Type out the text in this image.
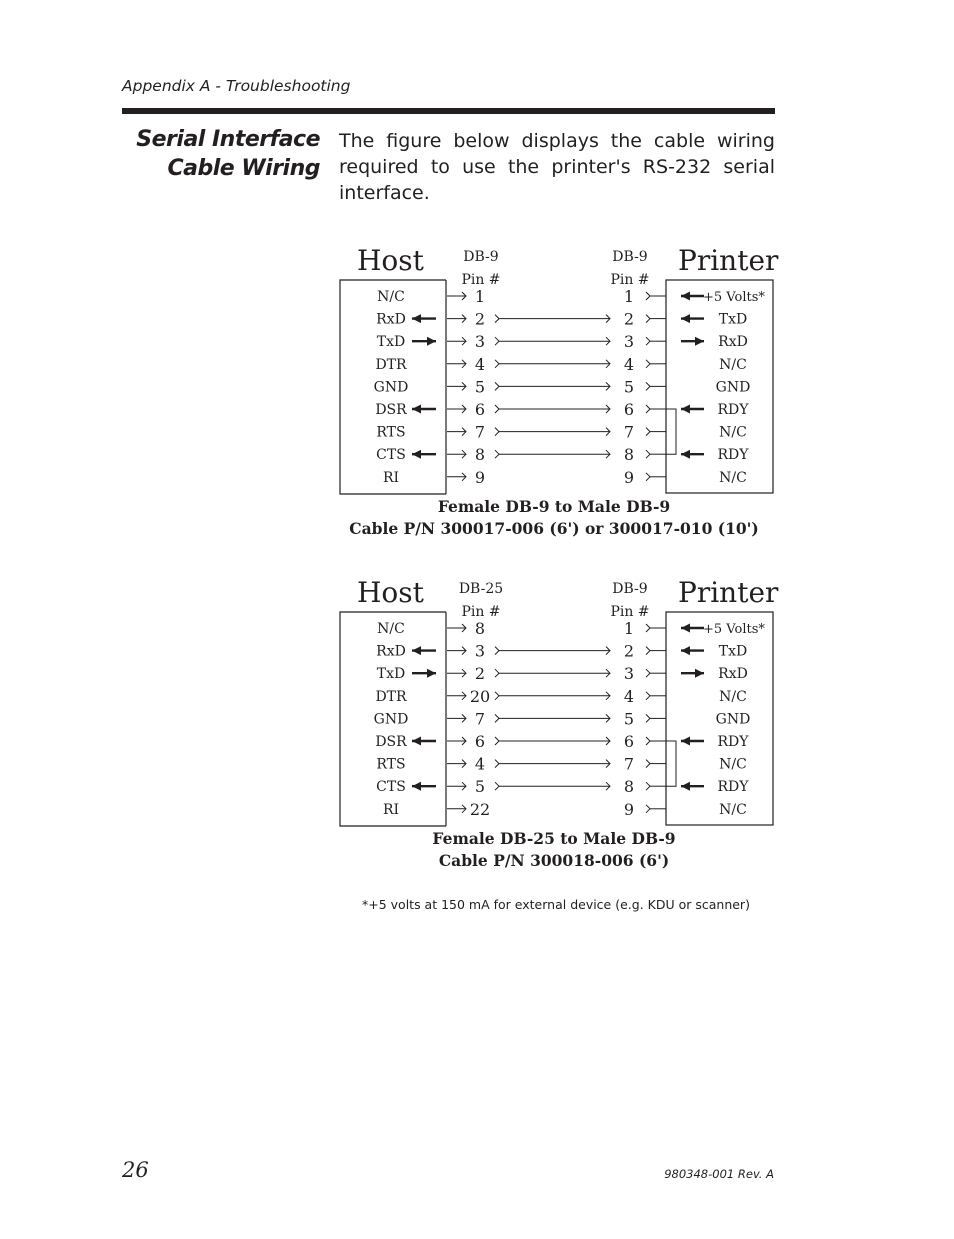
Appendix A - Troubleshooting
Serial Interface
Cable Wiring
The figure below displays the cable wiring required to use the printer's RS-232 serial interface.
Host	Printer
DB-9
Pin #
DB-9
Pin #
N/C	1	1	+5 Volts*
RxD	2	2	TxD
TxD	3	3	RxD
DTR	4	4	N/C
GND	5	5	GND
DSR	6	6	RDY
RTS	7	7	N/C
CTS	8	8	RDY
RI	9	9	N/C
Female DB-9 to Male DB-9
Cable P/N 300017-006 (6') or 300017-010 (10')
Host	Printer
DB-25
Pin #
DB-9
Pin #
N/C	8	1	+5 Volts*
RxD	3	2	TxD
TxD	2	3	RxD
DTR	20	4	N/C
GND	7	5	GND
DSR	6	6	RDY
RTS	4	7	N/C
CTS	5	8	RDY
RI	22	9	N/C
Female DB-25 to Male DB-9
Cable P/N 300018-006 (6')
*+5 volts at 150 mA for external device (e.g. KDU or scanner)
26	980348-001 Rev. A
